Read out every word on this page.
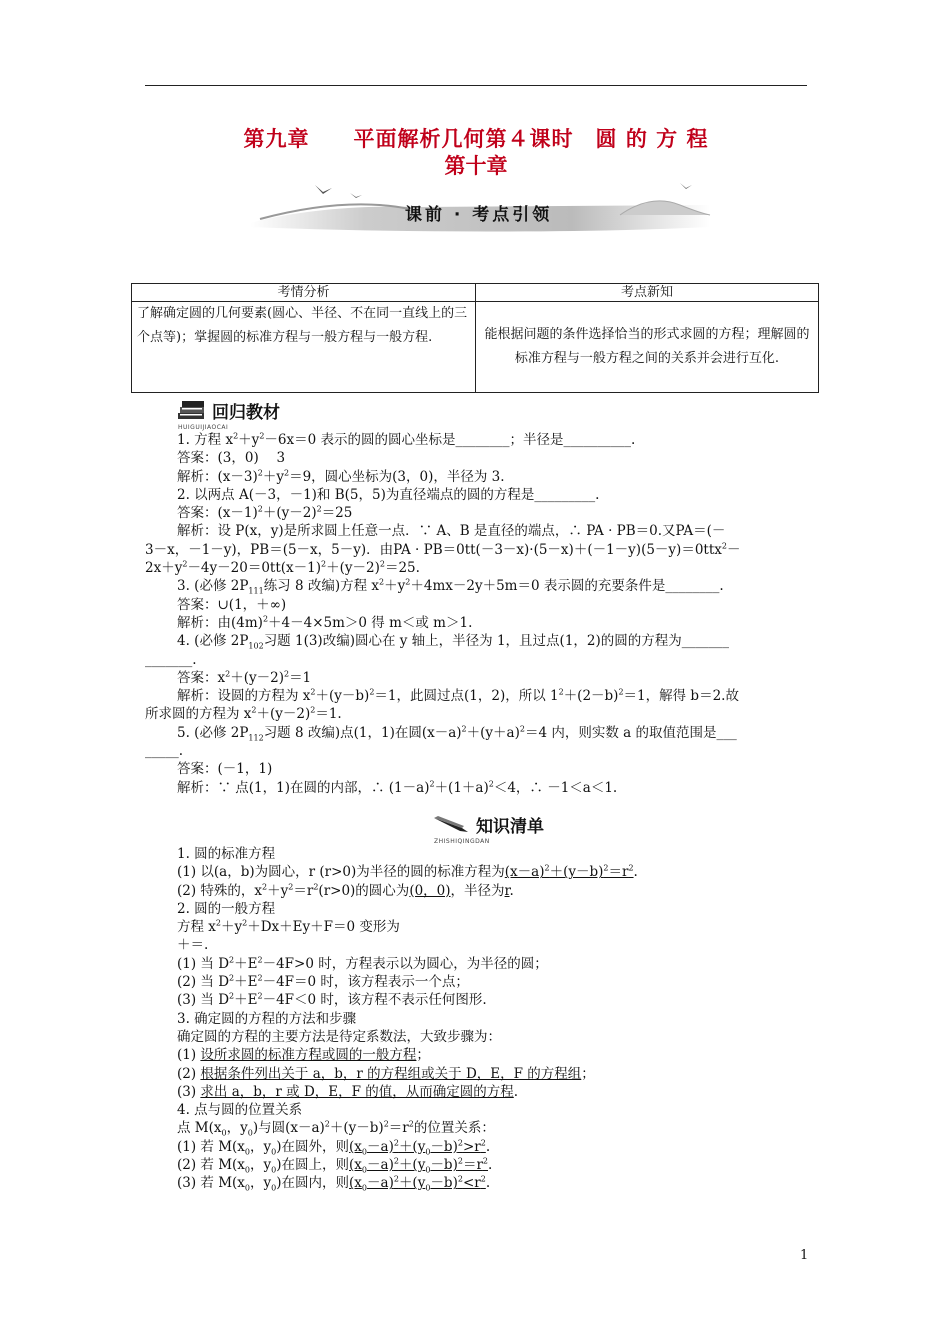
第九章　　平面解析几何第４课时　圆 的 方 程
第十章
课前 · 考点引领
考情分析	考点新知
了解确定圆的几何要素(圆心、半径、不在同一直线上的三个点等)；掌握圆的标准方程与一般方程与一般方程.	能根据问题的条件选择恰当的形式求圆的方程；理解圆的标准方程与一般方程之间的关系并会进行互化.
回归教材
HUIGUIJIAOCAI

1. 方程 $x^2+y^2-6x=0$ 表示的圆的圆心坐标是________；半径是__________.

答案：(3，0)　 3

解析：$(x-3)^2+y^2=9$，圆心坐标为(3，0)，半径为 3.

2. 以两点 A(－3，－1)和 B(5，5)为直径端点的圆的方程是_________.

答案：$(x-1)^2+(y-2)^2=25$

解析：设 P(x，y)是所求圆上任意一点．∵ A、B 是直径的端点，∴ PA · PB＝0.又PA＝(－

3－x，－1－y)，PB＝(5－x，5－y)．由PA · PB＝0tt(－3－x)·(5－x)＋(－1－y)(5－y)＝0ttx$^2$－

$2x+y^2-4y-20=0tt(x-1)^2+(y-2)^2=25$.

3. (必修 $2P_{111}$练习 8 改编)方程 $x^2+y^2+4mx-2y+5m=0$ 表示圆的充要条件是________.

答案：∪(1，＋∞)

解析：由$(4m)^2+4-4\times 5m>0$ 得 m＜或 m＞1.

4. (必修 $2P_{102}$习题 1(3)改编)圆心在 y 轴上，半径为 1，且过点(1，2)的圆的方程为_______

_______.

答案：$x^2+(y-2)^2=1$

解析：设圆的方程为 $x^2+(y-b)^2=1$，此圆过点(1，2)，所以 $1^2+(2-b)^2=1$，解得 b＝2.故

所求圆的方程为 $x^2+(y-2)^2=1$.

5. (必修 $2P_{112}$习题 8 改编)点(1，1)在圆$(x-a)^2+(y+a)^2=4$ 内，则实数 a 的取值范围是___

_____.

答案：(－1，1)

解析：∵ 点(1，1)在圆的内部，∴ $(1-a)^2+(1+a)^2<4$，∴ －1＜a＜1.

知识清单
ZHISHIQINGDAN

1. 圆的标准方程

(1) 以(a，b)为圆心，r (r>0)为半径的圆的标准方程为$(x-a)^2+(y-b)^2=r^2$.

(2) 特殊的，$x^2+y^2=r^2(r>0)$的圆心为(0，0)，半径为r.

2. 圆的一般方程

方程 $x^2+y^2+Dx+Ey+F=0$ 变形为

＋＝.

(1) 当 $D^2+E^2-4F>0$ 时，方程表示以为圆心，为半径的圆；

(2) 当 $D^2+E^2-4F=0$ 时，该方程表示一个点；

(3) 当 $D^2+E^2-4F<0$ 时，该方程不表示任何图形.

3. 确定圆的方程的方法和步骤

确定圆的方程的主要方法是待定系数法，大致步骤为：

(1) 设所求圆的标准方程或圆的一般方程；

(2) 根据条件列出关于 a，b，r 的方程组或关于 D，E，F 的方程组；

(3) 求出 a，b，r 或 D，E，F 的值，从而确定圆的方程.

4. 点与圆的位置关系

点 $M(x_0$，$y_0$)与圆$(x-a)^2+(y-b)^2=r^2$的位置关系：

(1) 若 $M(x_0$，$y_0$)在圆外，则$(x_0-a)^2+(y_0-b)^2>r^2$.

(2) 若 $M(x_0$，$y_0$)在圆上，则$(x_0-a)^2+(y_0-b)^2=r^2$.

(3) 若 $M(x_0$，$y_0$)在圆内，则$(x_0-a)^2+(y_0-b)^2<r^2$.

1
